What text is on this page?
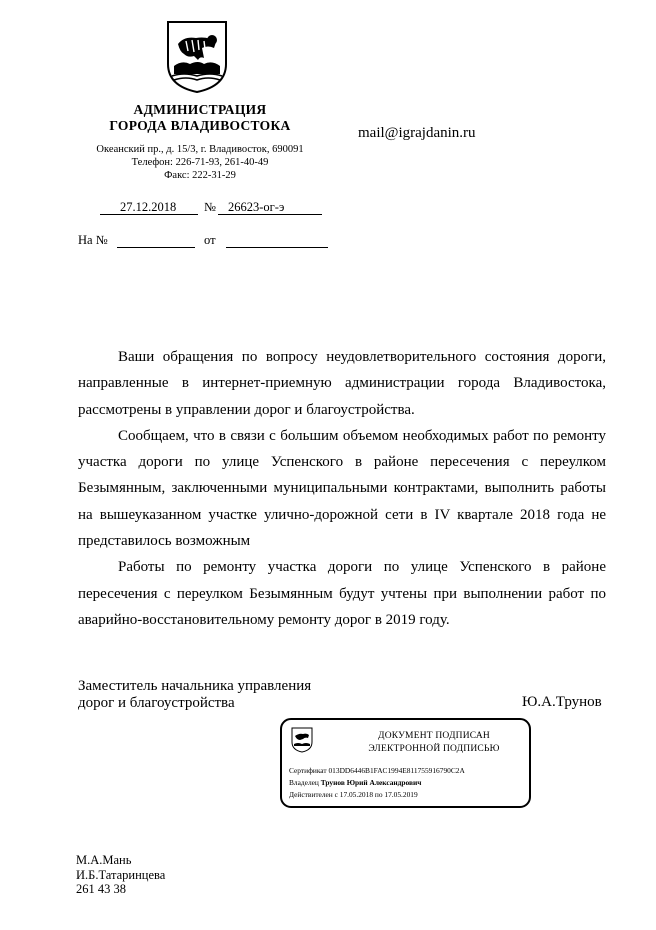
АДМИНИСТРАЦИЯ
ГОРОДА ВЛАДИВОСТОКА
Океанский пр., д. 15/3, г. Владивосток, 690091
Телефон: 226-71-93, 261-40-49
Факс: 222-31-29
mail@igrajdanin.ru
27.12.2018 № 26623-ог-э
На №	от

Ваши обращения по вопросу неудовлетворительного состояния дороги, направленные в интернет-приемную администрации города Владивостока, рассмотрены в управлении дорог и благоустройства.

Сообщаем, что в связи с большим объемом необходимых работ по ремонту участка дороги по улице Успенского в районе пересечения с переулком Безымянным, заключенными муниципальными контрактами, выполнить работы на вышеуказанном участке улично-дорожной сети в IV квартале 2018 года не представилось возможным

Работы по ремонту участка дороги по улице Успенского в районе пересечения с переулком Безымянным будут учтены при выполнении работ по аварийно-восстановительному ремонту дорог в 2019 году.

Заместитель начальника управления
дорог и благоустройства	Ю.А.Трунов
ДОКУМЕНТ ПОДПИСАН
ЭЛЕКТРОННОЙ ПОДПИСЬЮ
Сертификат 013DD6446B1FAC1994E811755916790C2A
Владелец Трунов Юрий Александрович
Действителен с 17.05.2018 по 17.05.2019
М.А.Мань
И.Б.Татаринцева
261 43 38
